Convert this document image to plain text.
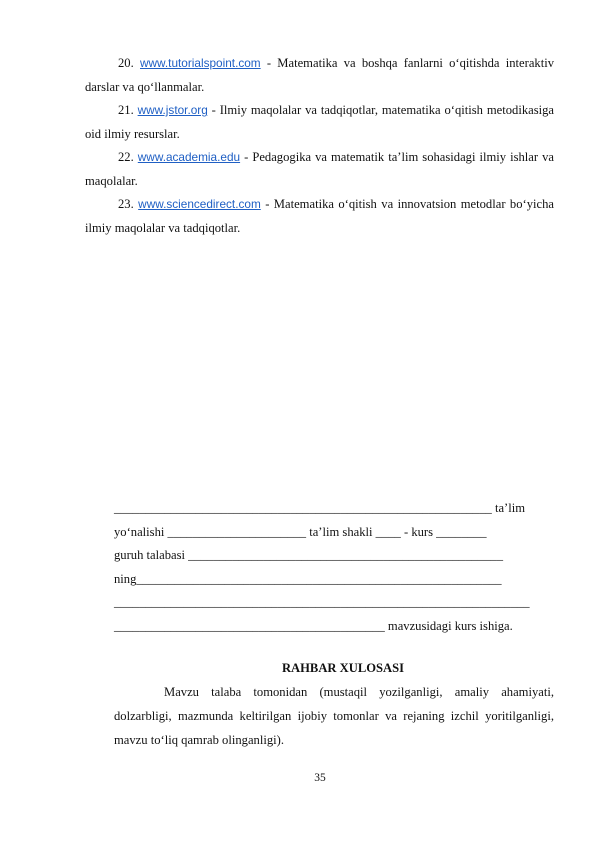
20. www.tutorialspoint.com - Matematika va boshqa fanlarni o‘qitishda interaktiv darslar va qo‘llanmalar.

21. www.jstor.org - Ilmiy maqolalar va tadqiqotlar, matematika o‘qitish metodikasiga oid ilmiy resurslar.

22. www.academia.edu - Pedagogika va matematik ta’lim sohasidagi ilmiy ishlar va maqolalar.

23. www.sciencedirect.com - Matematika o‘qitish va innovatsion metodlar bo‘yicha ilmiy maqolalar va tadqiqotlar.

____________________________________________________________ ta’lim

yo‘nalishi ______________________ ta’lim shakli ____ - kurs ________

guruh talabasi __________________________________________________

ning__________________________________________________________

__________________________________________________________________

___________________________________________ mavzusidagi kurs ishiga.

RAHBAR XULOSASI

Mavzu talaba tomonidan (mustaqil yozilganligi, amaliy ahamiyati, dolzarbligi, mazmunda keltirilgan ijobiy tomonlar va rejaning izchil yoritilganligi, mavzu to‘liq qamrab olinganligi).

35
